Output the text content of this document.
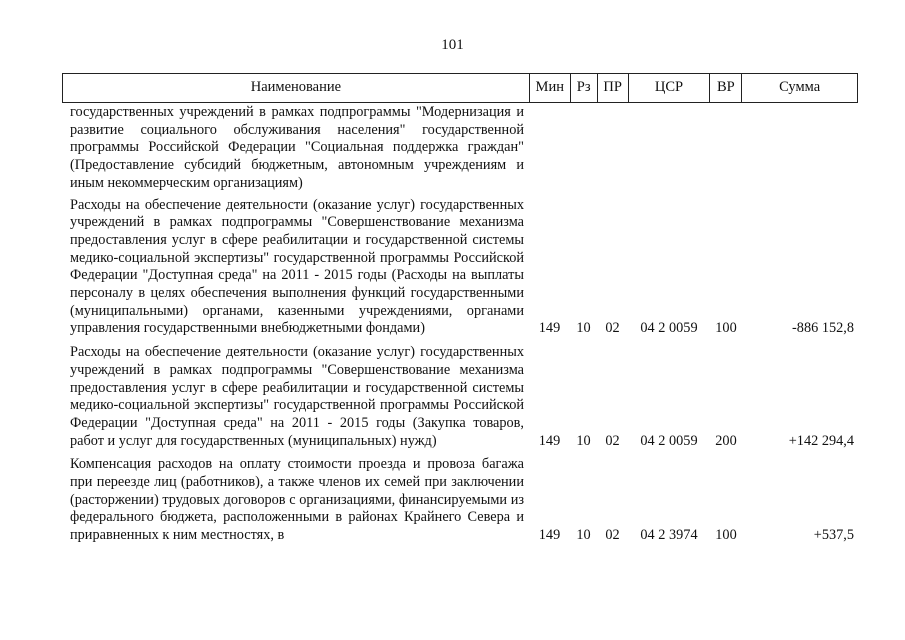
101
Наименование	Мин Рз ПР	ЦСР	ВР	Сумма
государственных учреждений в рамках подпрограммы "Модернизация и развитие социального обслуживания населения" государственной программы Российской Федерации "Социальная поддержка граждан" (Предоставление субсидий бюджетным, автономным учреждениям и иным некоммерческим организациям)
Расходы на обеспечение деятельности (оказание услуг) государственных учреждений в рамках подпрограммы "Совершенствование механизма предоставления услуг в сфере реабилитации и государственной системы медико-социальной экспертизы" государственной программы Российской Федерации "Доступная среда" на 2011 - 2015 годы (Расходы на выплаты персоналу в целях обеспечения выполнения функций государственными (муниципальными) органами, казенными учреждениями, органами управления государственными внебюджетными фондами)	149	10	02	04 2 0059	100	-886 152,8
Расходы на обеспечение деятельности (оказание услуг) государственных учреждений в рамках подпрограммы "Совершенствование механизма предоставления услуг в сфере реабилитации и государственной системы медико-социальной экспертизы" государственной программы Российской Федерации "Доступная среда" на 2011 - 2015 годы (Закупка товаров, работ и услуг для государственных (муниципальных) нужд)	149	10	02	04 2 0059	200	+142 294,4
Компенсация расходов на оплату стоимости проезда и провоза багажа при переезде лиц (работников), а также членов их семей при заключении (расторжении) трудовых договоров с организациями, финансируемыми из федерального бюджета, расположенными в районах Крайнего Севера и приравненных к ним местностях, в	149	10	02	04 2 3974	100	+537,5
